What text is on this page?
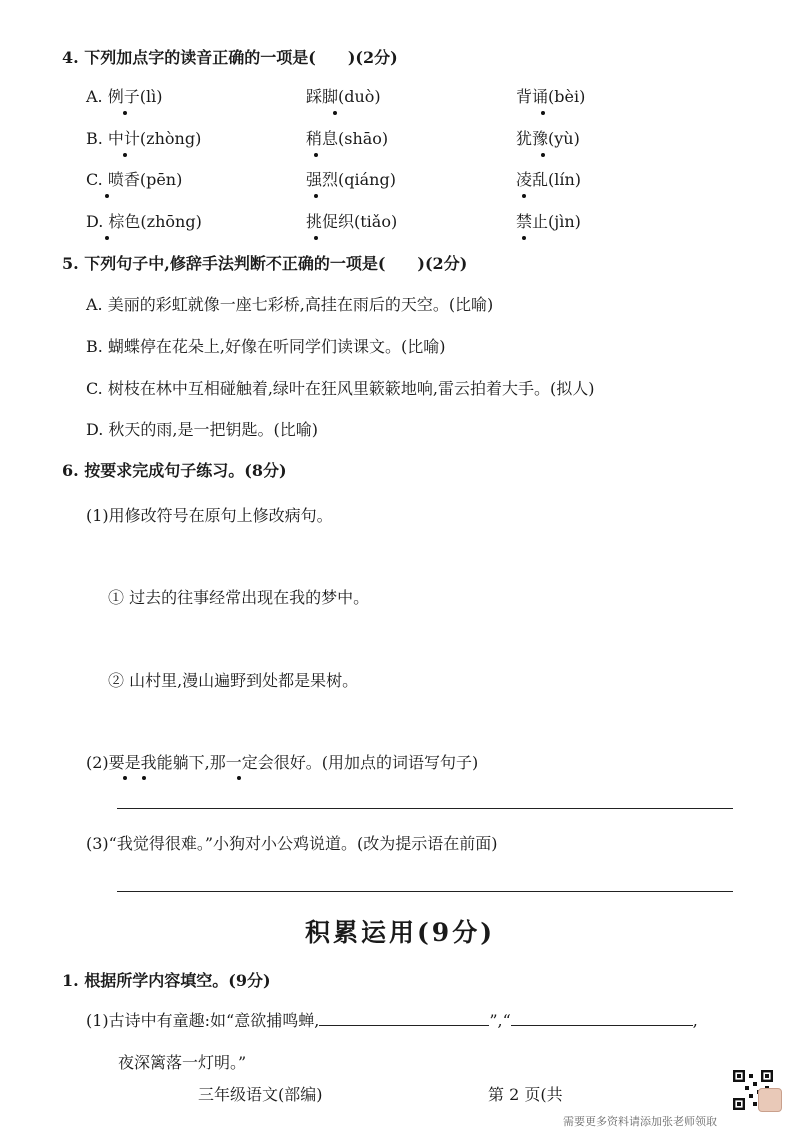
4. 下列加点字的读音正确的一项是(　　)(2分)
A. 例子(lì)	踩脚(duò)	背诵(bèi)
B. 中计(zhòng)	稍息(shāo)	犹豫(yù)
C. 喷香(pēn)	强烈(qiáng)	凌乱(lín)
D. 棕色(zhōng)	挑促织(tiǎo)	禁止(jìn)
5. 下列句子中,修辞手法判断不正确的一项是(　　)(2分)
A. 美丽的彩虹就像一座七彩桥,高挂在雨后的天空。(比喻)
B. 蝴蝶停在花朵上,好像在听同学们读课文。(比喻)
C. 树枝在林中互相碰触着,绿叶在狂风里簌簌地响,雷云拍着大手。(拟人)
D. 秋天的雨,是一把钥匙。(比喻)
6. 按要求完成句子练习。(8分)
(1)用修改符号在原句上修改病句。
① 过去的往事经常出现在我的梦中。
② 山村里,漫山遍野到处都是果树。
(2)要是我能躺下,那一定会很好。(用加点的词语写句子)
(3)“我觉得很难。”小狗对小公鸡说道。(改为提示语在前面)
积累运用(9分)
1. 根据所学内容填空。(9分)
(1)古诗中有童趣:如“意欲捕鸣蝉,	”,“	,
夜深篱落一灯明。”
三年级语文(部编)	第 2 页(共
需要更多资料请添加张老师领取
